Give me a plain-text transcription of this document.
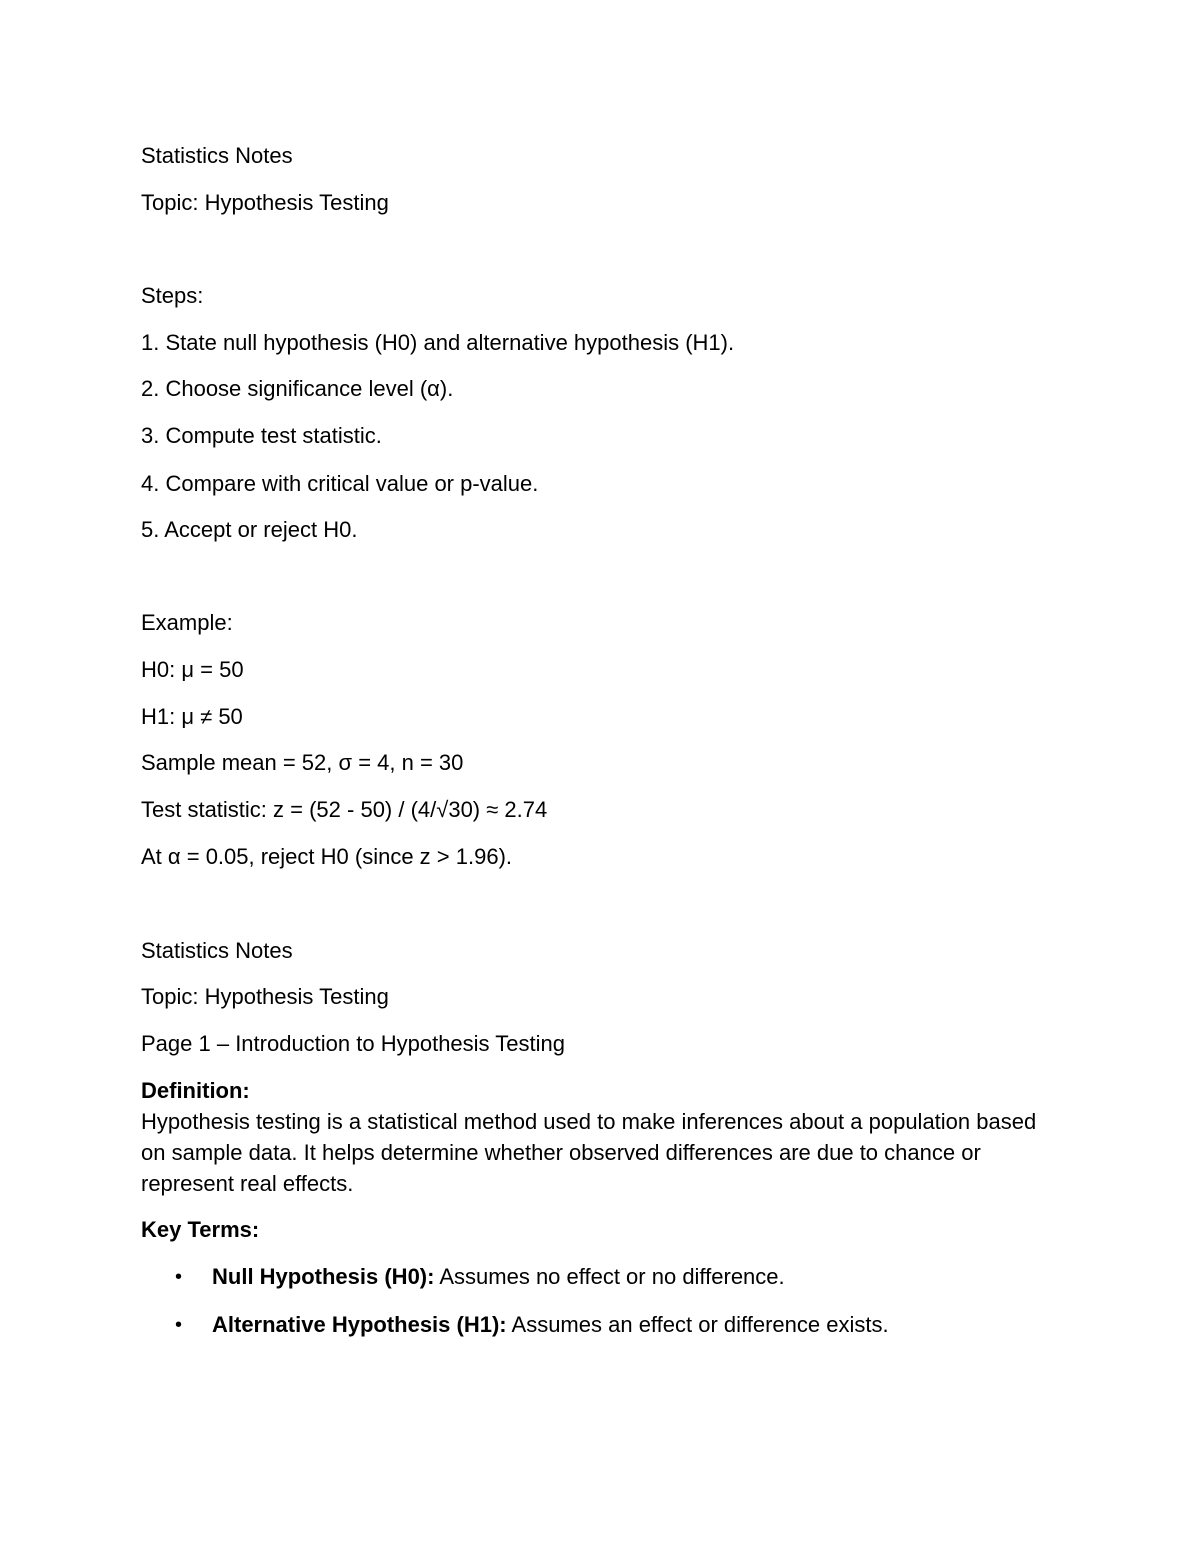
Statistics Notes
Topic: Hypothesis Testing
Steps:
1. State null hypothesis (H0) and alternative hypothesis (H1).
2. Choose significance level (α).
3. Compute test statistic.
4. Compare with critical value or p-value.
5. Accept or reject H0.
Example:
H0: μ = 50
H1: μ ≠ 50
Sample mean = 52, σ = 4, n = 30
Test statistic: z = (52 - 50) / (4/√30) ≈ 2.74
At α = 0.05, reject H0 (since z > 1.96).
Statistics Notes
Topic: Hypothesis Testing
Page 1 – Introduction to Hypothesis Testing
Definition:
Hypothesis testing is a statistical method used to make inferences about a population based on sample data. It helps determine whether observed differences are due to chance or represent real effects.
Key Terms:
• Null Hypothesis (H0): Assumes no effect or no difference.
• Alternative Hypothesis (H1): Assumes an effect or difference exists.
